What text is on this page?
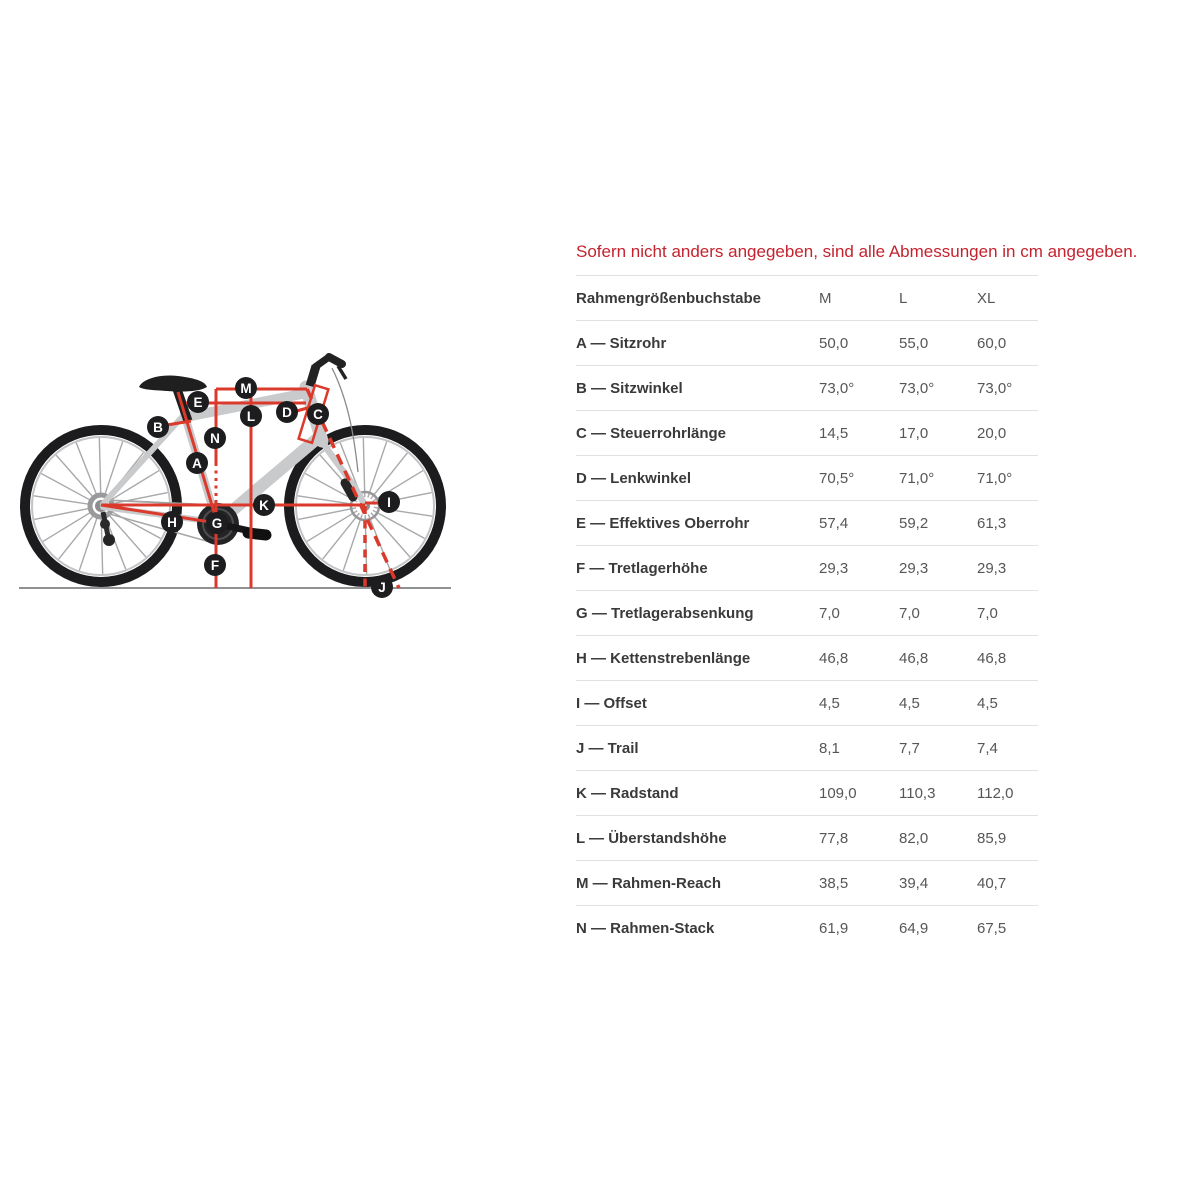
A
B
C
D
E
F
G
H
I
J
K
L
M
N

Sofern nicht anders angegeben, sind alle Abmessungen in cm angegeben.

Rahmengrößenbuchstabe	M	L	XL
A — Sitzrohr	50,0	55,0	60,0
B — Sitzwinkel	73,0°	73,0°	73,0°
C — Steuerrohrlänge	14,5	17,0	20,0
D — Lenkwinkel	70,5°	71,0°	71,0°
E — Effektives Oberrohr	57,4	59,2	61,3
F — Tretlagerhöhe	29,3	29,3	29,3
G — Tretlagerabsenkung	7,0	7,0	7,0
H — Kettenstrebenlänge	46,8	46,8	46,8
I — Offset	4,5	4,5	4,5
J — Trail	8,1	7,7	7,4
K — Radstand	109,0	110,3	112,0
L — Überstandshöhe	77,8	82,0	85,9
M — Rahmen-Reach	38,5	39,4	40,7
N — Rahmen-Stack	61,9	64,9	67,5
